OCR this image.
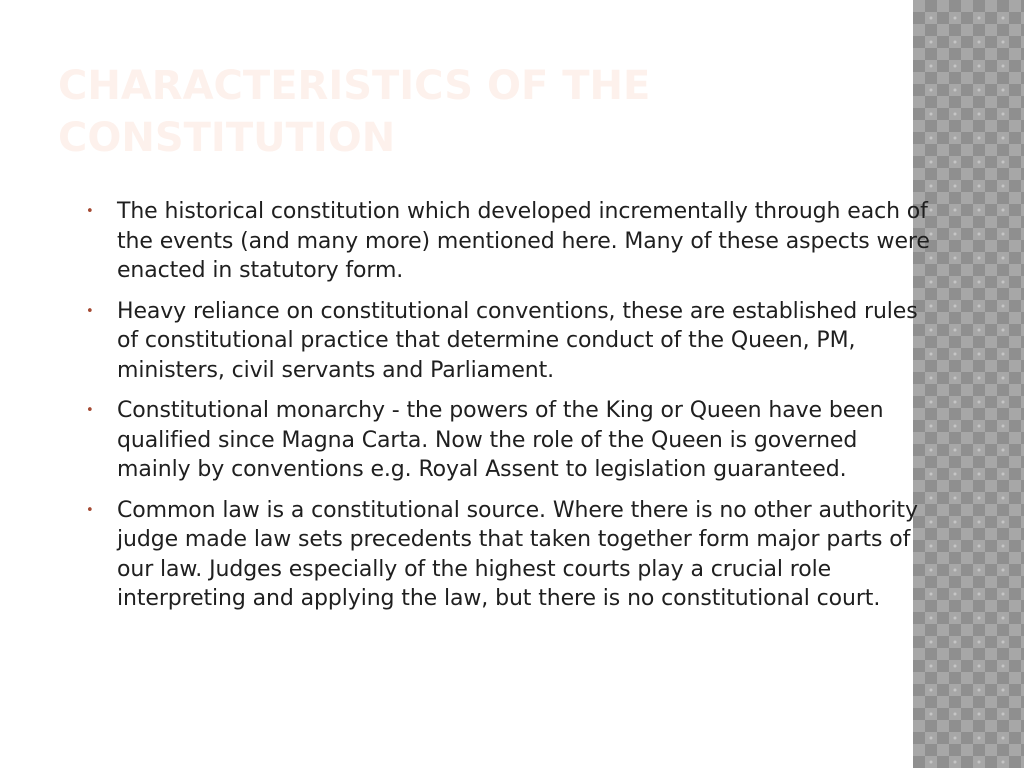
CHARACTERISTICS OF THE CONSTITUTION
• The historical constitution which developed incrementally through each of the events (and many more) mentioned here. Many of these aspects were enacted in statutory form.
• Heavy reliance on constitutional conventions, these are established rules of constitutional practice that determine conduct of the Queen, PM, ministers, civil servants and Parliament.
• Constitutional monarchy - the powers of the King or Queen have been qualified since Magna Carta. Now the role of the Queen is governed mainly by conventions e.g. Royal Assent to legislation guaranteed.
• Common law is a constitutional source. Where there is no other authority judge made law sets precedents that taken together form major parts of our law. Judges especially of the highest courts play a crucial role interpreting and applying the law, but there is no constitutional court.
